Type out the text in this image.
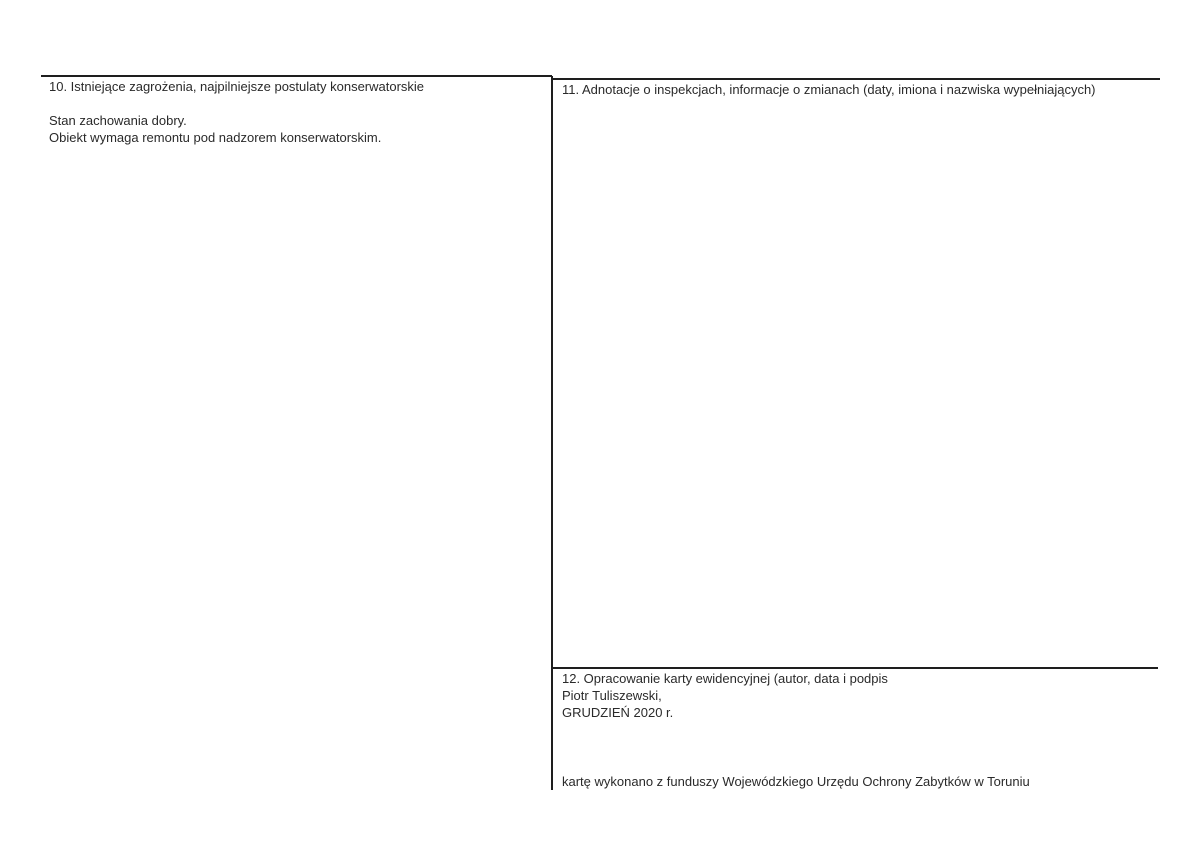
10. Istniejące zagrożenia, najpilniejsze postulaty konserwatorskie
Stan zachowania dobry.
Obiekt wymaga remontu pod nadzorem konserwatorskim.
11. Adnotacje o inspekcjach, informacje o zmianach (daty, imiona i nazwiska wypełniających)
12. Opracowanie karty ewidencyjnej (autor, data i podpis
Piotr Tuliszewski,
GRUDZIEŃ 2020 r.
kartę wykonano z funduszy Wojewódzkiego Urzędu Ochrony Zabytków w Toruniu
